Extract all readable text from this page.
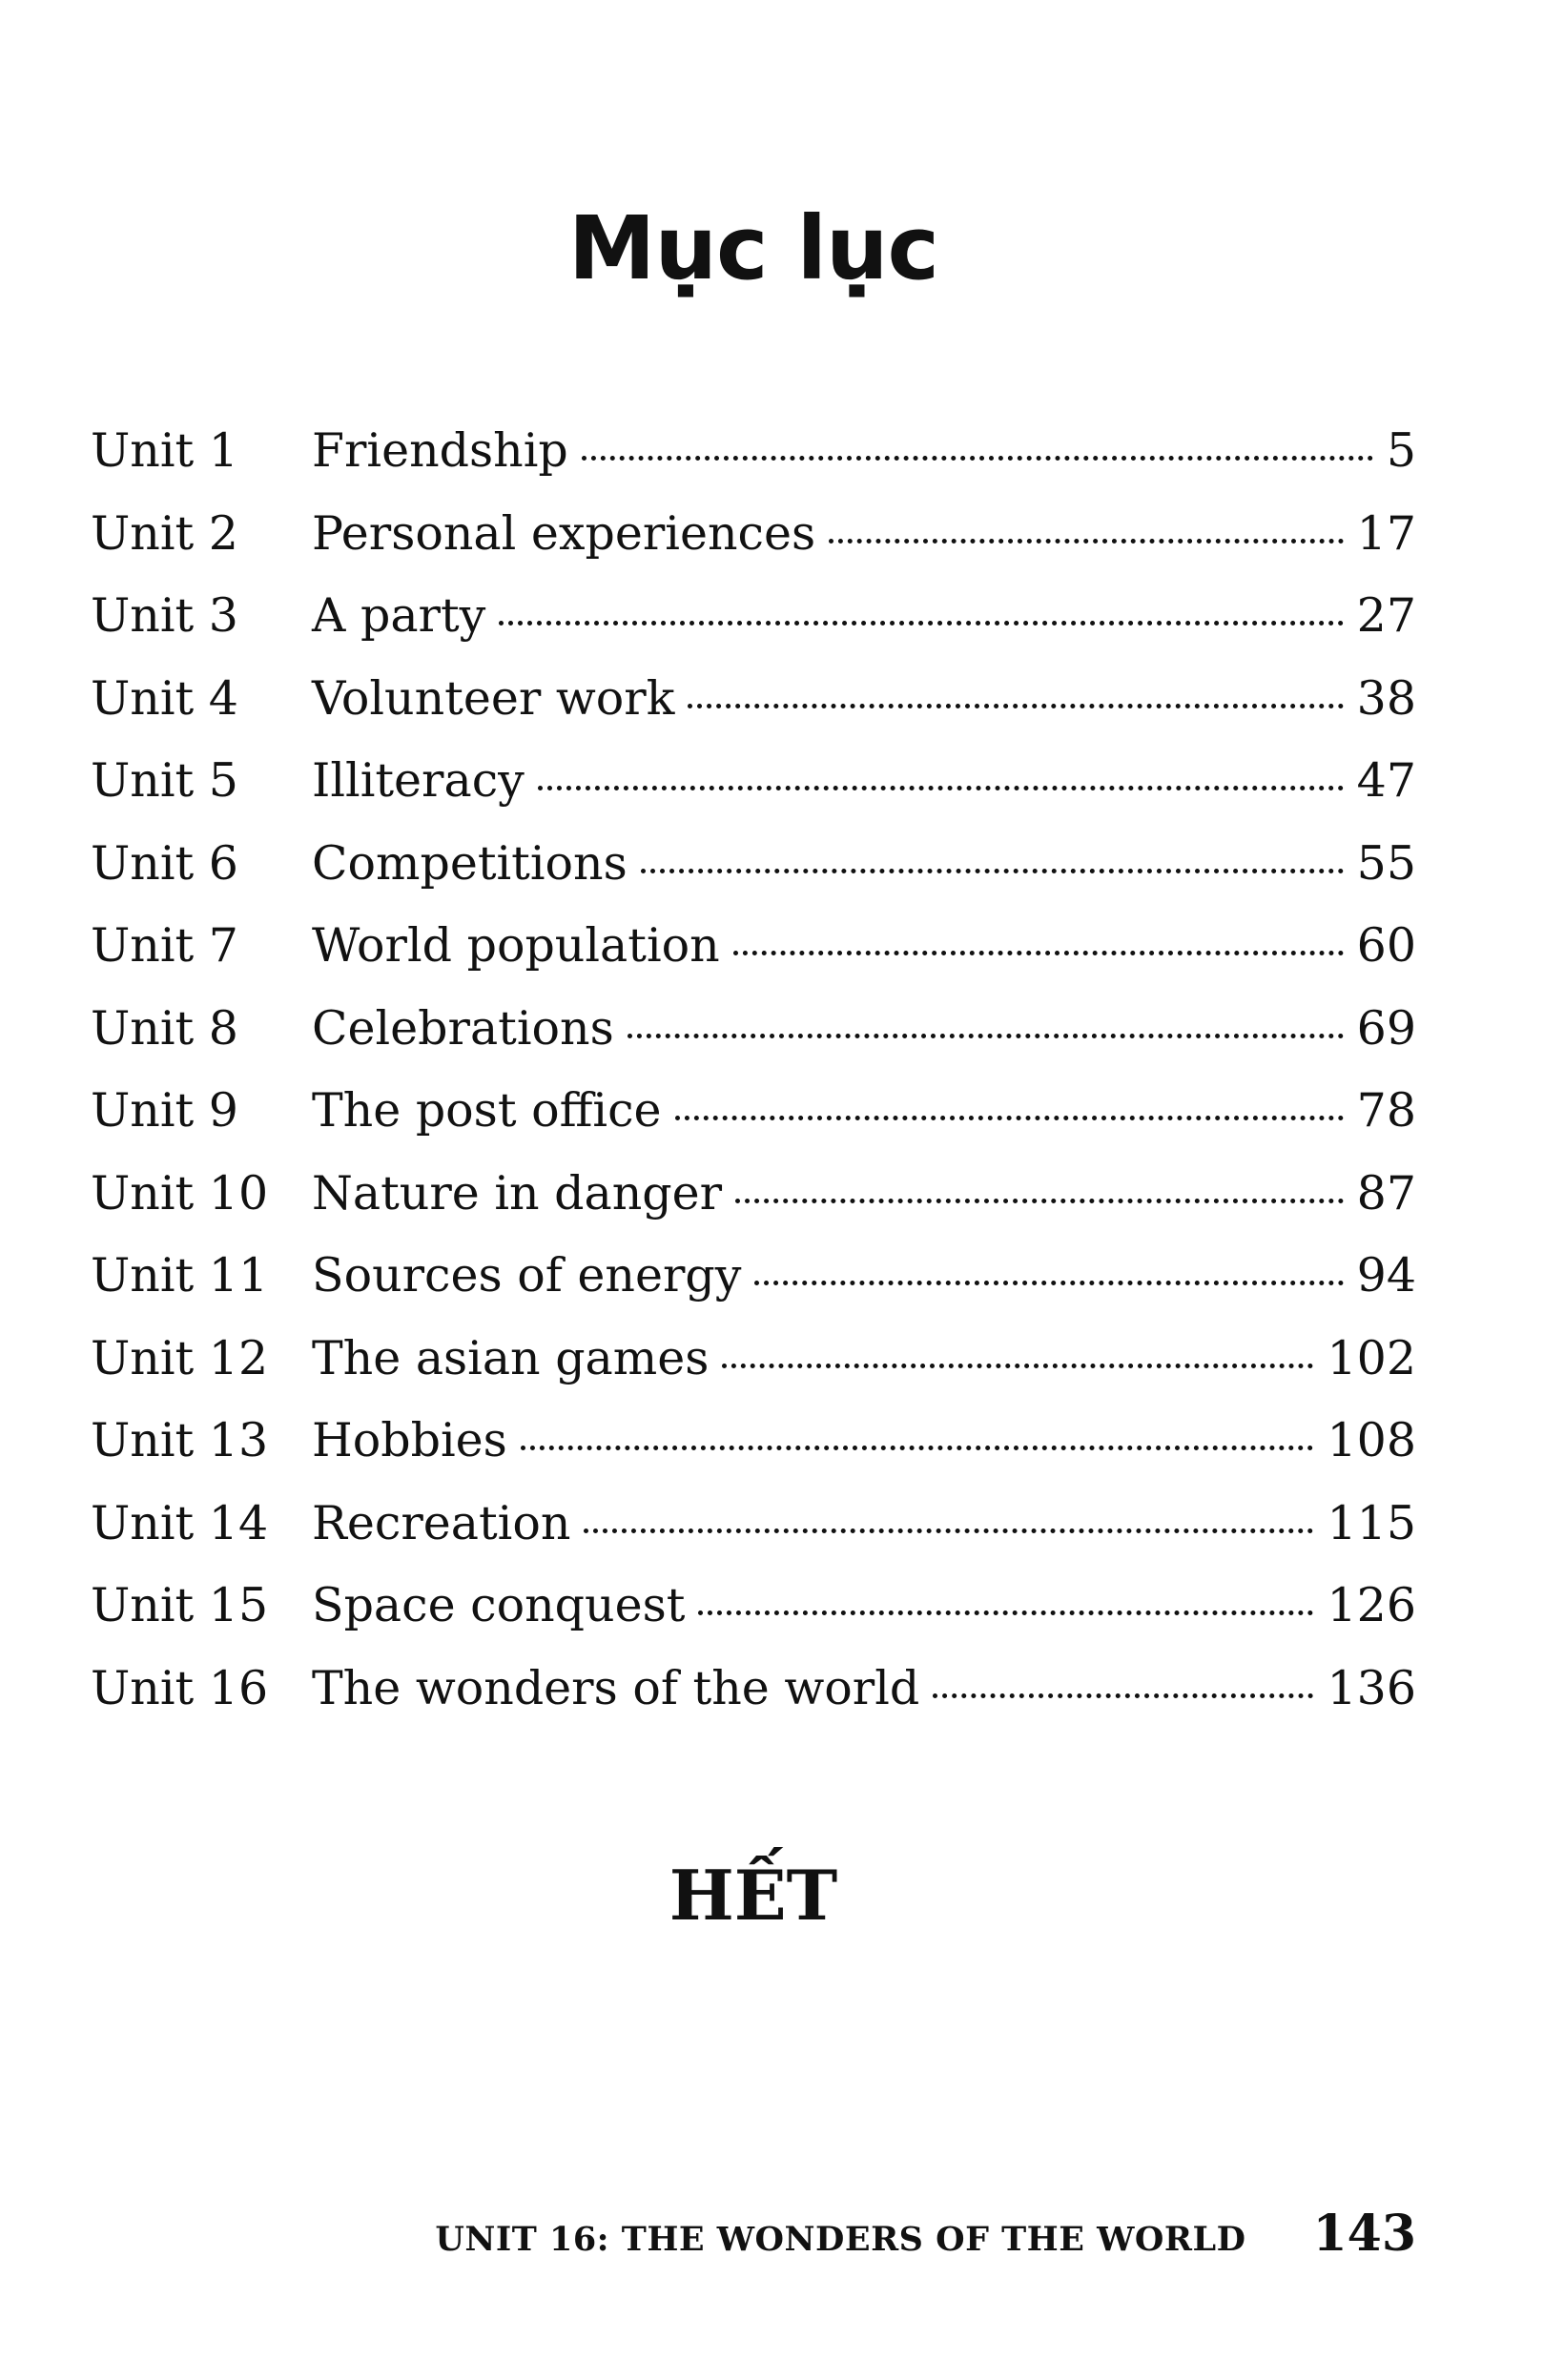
Mục lục
Unit 1	Friendship	5
Unit 2	Personal experiences	17
Unit 3	A party	27
Unit 4	Volunteer work	38
Unit 5	Illiteracy	47
Unit 6	Competitions	55
Unit 7	World population	60
Unit 8	Celebrations	69
Unit 9	The post office	78
Unit 10 Nature in danger	87
Unit 11 Sources of energy	94
Unit 12 The asian games	102
Unit 13 Hobbies	108
Unit 14 Recreation	115
Unit 15 Space conquest	126
Unit 16 The wonders of the world	136
HẾT
UNIT 16: THE WONDERS OF THE WORLD 143
